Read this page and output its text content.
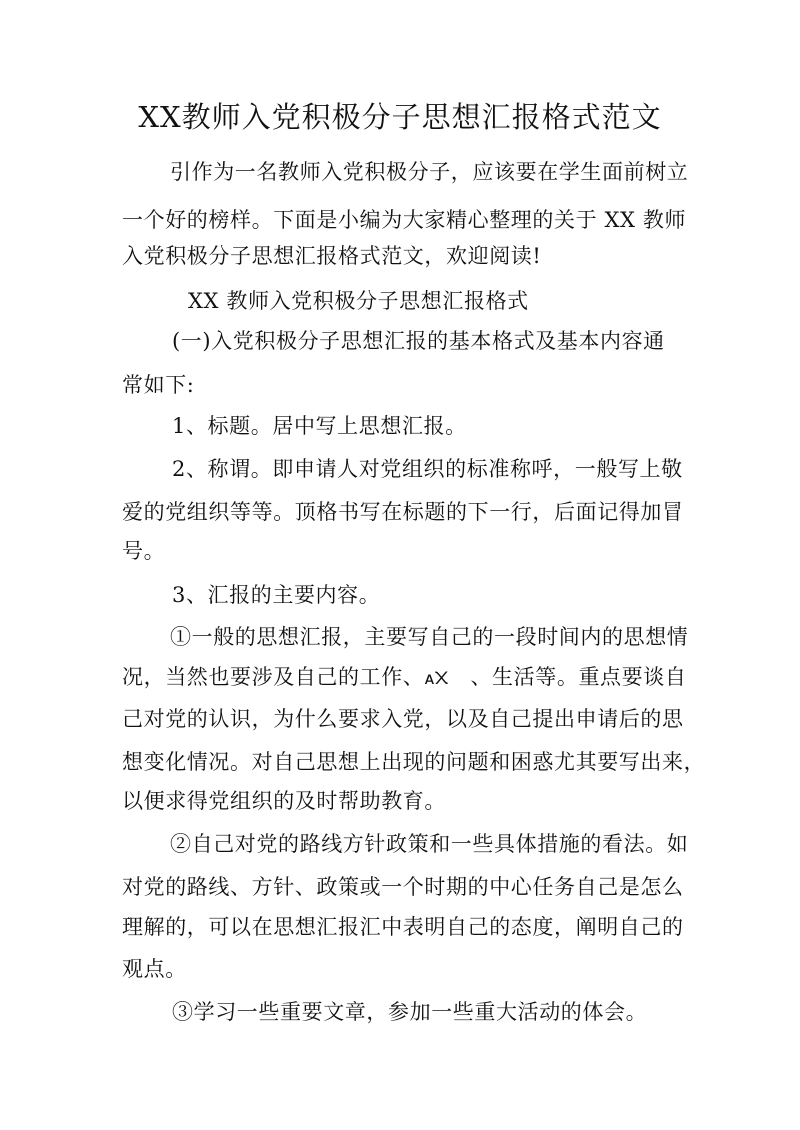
XX教师入党积极分子思想汇报格式范文
引作为一名教师入党积极分子，应该要在学生面前树立
一个好的榜样。下面是小编为大家精心整理的关于 XX 教师
入党积极分子思想汇报格式范文，欢迎阅读!
XX 教师入党积极分子思想汇报格式
(一)入党积极分子思想汇报的基本格式及基本内容通
常如下:
1、标题。居中写上思想汇报。
2、称谓。即申请人对党组织的标准称呼，一般写上敬
爱的党组织等等。顶格书写在标题的下一行，后面记得加冒
号。
3、汇报的主要内容。
①一般的思想汇报，主要写自己的一段时间内的思想情
况，当然也要涉及自己的工作、ᴀ᙭ 、生活等。重点要谈自
己对党的认识，为什么要求入党，以及自己提出申请后的思
想变化情况。对自己思想上出现的问题和困惑尤其要写出来，
以便求得党组织的及时帮助教育。
②自己对党的路线方针政策和一些具体措施的看法。如
对党的路线、方针、政策或一个时期的中心任务自己是怎么
理解的，可以在思想汇报汇中表明自己的态度，阐明自己的
观点。
③学习一些重要文章，参加一些重大活动的体会。
